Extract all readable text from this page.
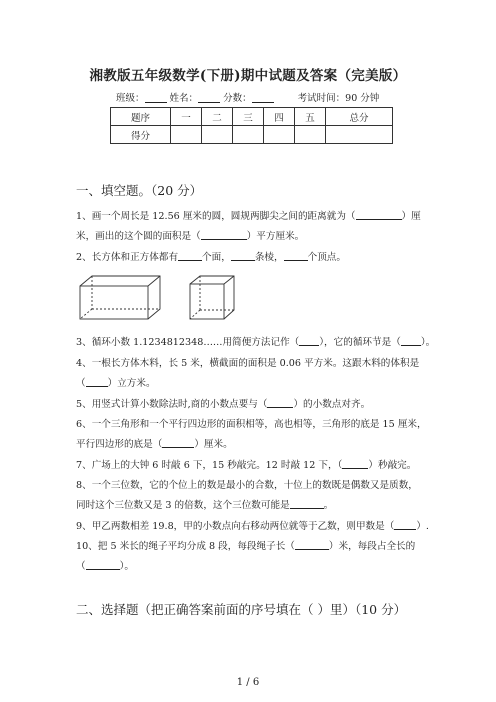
湘教版五年级数学(下册)期中试题及答案（完美版）
班级：	姓名：	分数：	考试时间：90 分钟
题序	一	二	三	四	五	总分
得分						
一、填空题。（20 分）
1、画一个周长是 12.56 厘米的圆，圆规两脚尖之间的距离就为（	）厘
米，画出的这个圆的面积是（	）平方厘米。
2、长方体和正方体都有	个面，	条棱，	个顶点。
3、循环小数 1.1234812348……用简便方法记作（ ），它的循环节是（ ）。
4、一根长方体木料，长 5 米，横截面的面积是 0.06 平方米。这跟木料的体积是
（ ）立方米。
5、用竖式计算小数除法时,商的小数点要与（	）的小数点对齐。
6、一个三角形和一个平行四边形的面积相等，高也相等，三角形的底是 15 厘米，
平行四边形的底是（	）厘米。
7、广场上的大钟 6 时敲 6 下，15 秒敲完。12 时敲 12 下，（	）秒敲完。
8、一个三位数，它的个位上的数是最小的合数，十位上的数既是偶数又是质数，
同时这个三位数又是 3 的倍数，这个三位数可能是	。
9、甲乙两数相差 19.8，甲的小数点向右移动两位就等于乙数，则甲数是（ ）.
10、把 5 米长的绳子平均分成 8 段，每段绳子长（	）米，每段占全长的
（	）。
二、选择题（把正确答案前面的序号填在（ ）里）（10 分）
1 / 6
